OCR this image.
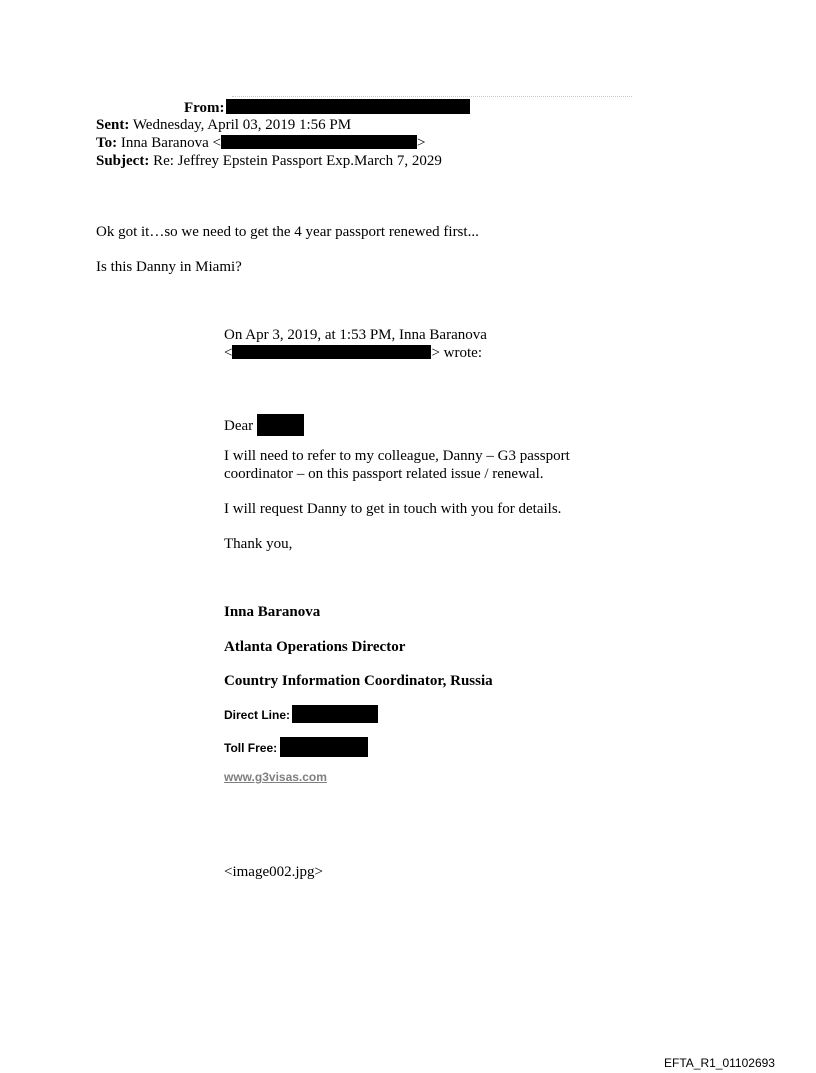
From:
Sent: Wednesday, April 03, 2019 1:56 PM
To: Inna Baranova <	>
Subject: Re: Jeffrey Epstein Passport Exp.March 7, 2029
Ok got it…so we need to get the 4 year passport renewed first...
Is this Danny in Miami?
On Apr 3, 2019, at 1:53 PM, Inna Baranova
<	> wrote:
Dear
I will need to refer to my colleague, Danny – G3 passport
coordinator – on this passport related issue / renewal.
I will request Danny to get in touch with you for details.
Thank you,
Inna Baranova
Atlanta Operations Director
Country Information Coordinator, Russia
Direct Line:
Toll Free:
www.g3visas.com
<image002.jpg>
EFTA_R1_01102693
